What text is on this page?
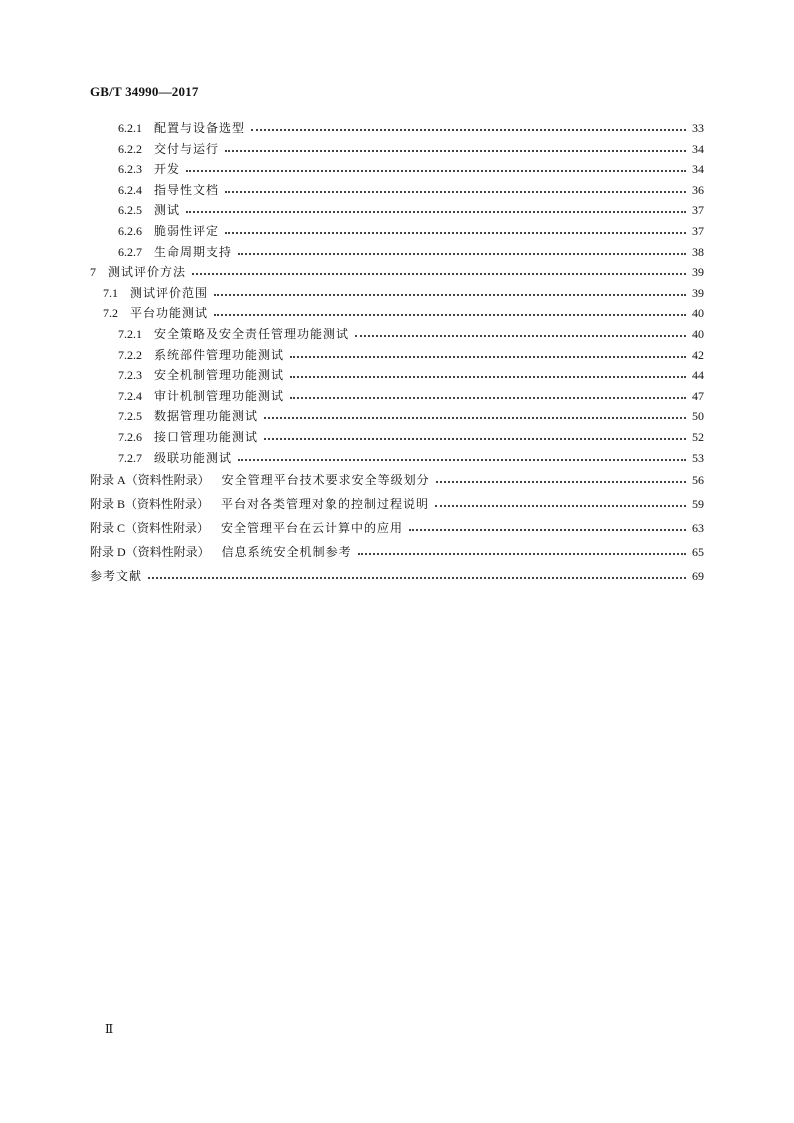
GB/T 34990—2017
6.2.1 配置与设备选型	33
6.2.2 交付与运行	34
6.2.3 开发	34
6.2.4 指导性文档	36
6.2.5 测试	37
6.2.6 脆弱性评定	37
6.2.7 生命周期支持	38
7 测试评价方法	39
7.1 测试评价范围	39
7.2 平台功能测试	40
7.2.1 安全策略及安全责任管理功能测试	40
7.2.2 系统部件管理功能测试	42
7.2.3 安全机制管理功能测试	44
7.2.4 审计机制管理功能测试	47
7.2.5 数据管理功能测试	50
7.2.6 接口管理功能测试	52
7.2.7 级联功能测试	53
附录 A（资料性附录） 安全管理平台技术要求安全等级划分	56
附录 B（资料性附录） 平台对各类管理对象的控制过程说明	59
附录 C（资料性附录） 安全管理平台在云计算中的应用	63
附录 D（资料性附录） 信息系统安全机制参考	65
参考文献	69
Ⅱ
